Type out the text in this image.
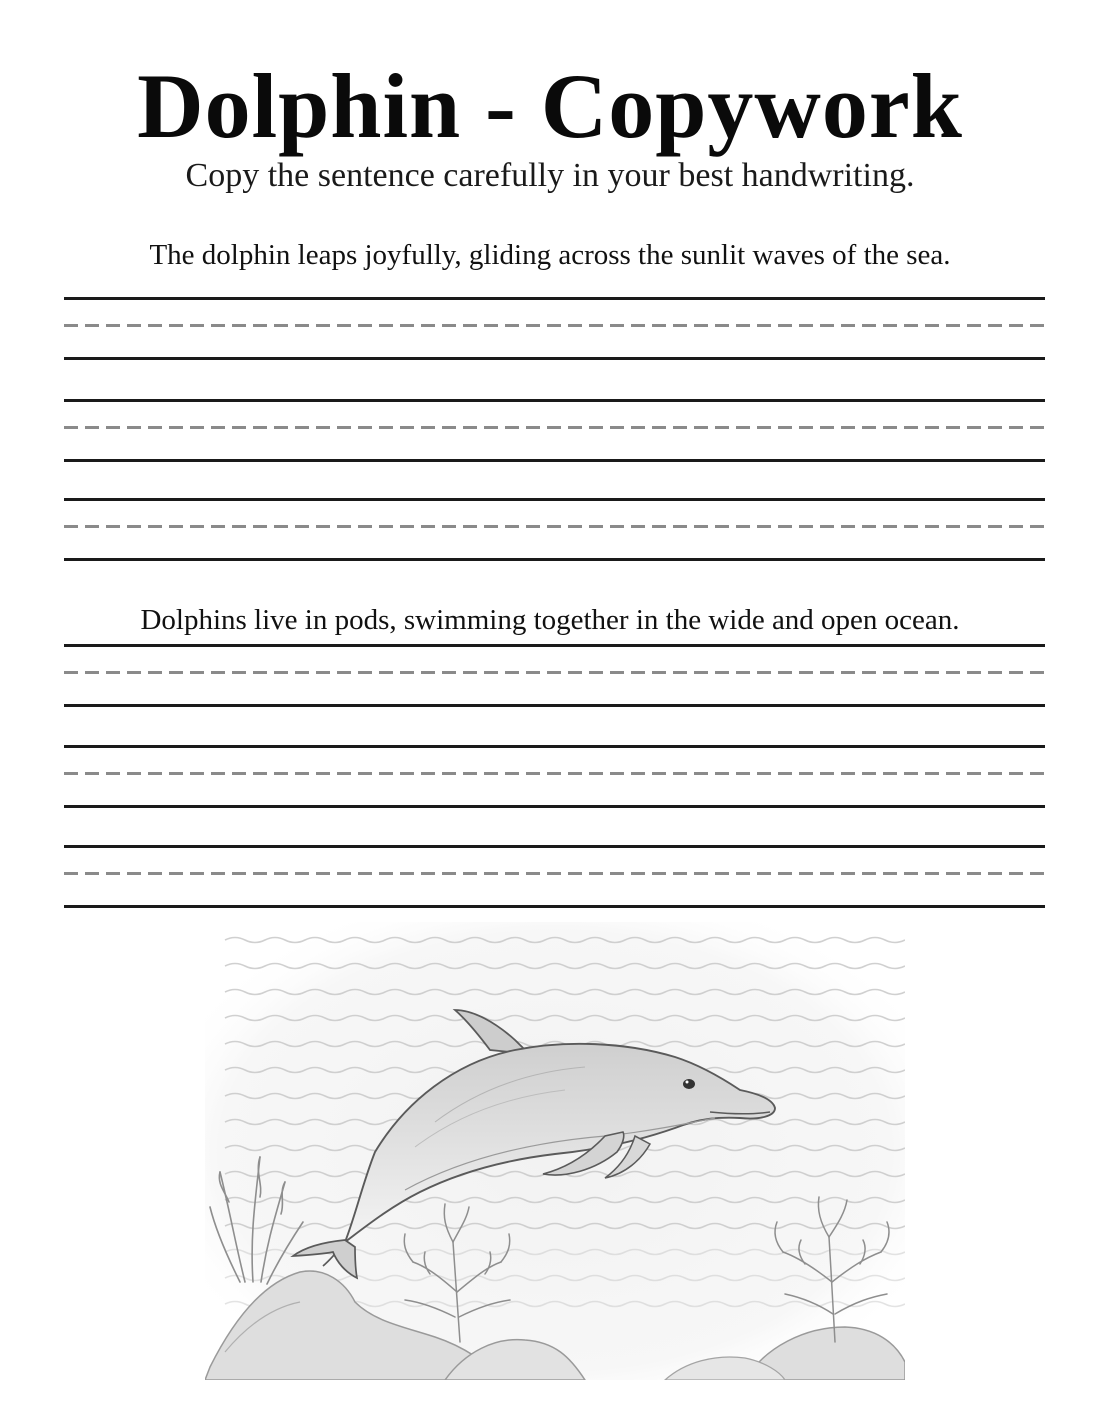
Dolphin - Copywork
Copy the sentence carefully in your best handwriting.
The dolphin leaps joyfully, gliding across the sunlit waves of the sea.
Dolphins live in pods, swimming together in the wide and open ocean.
